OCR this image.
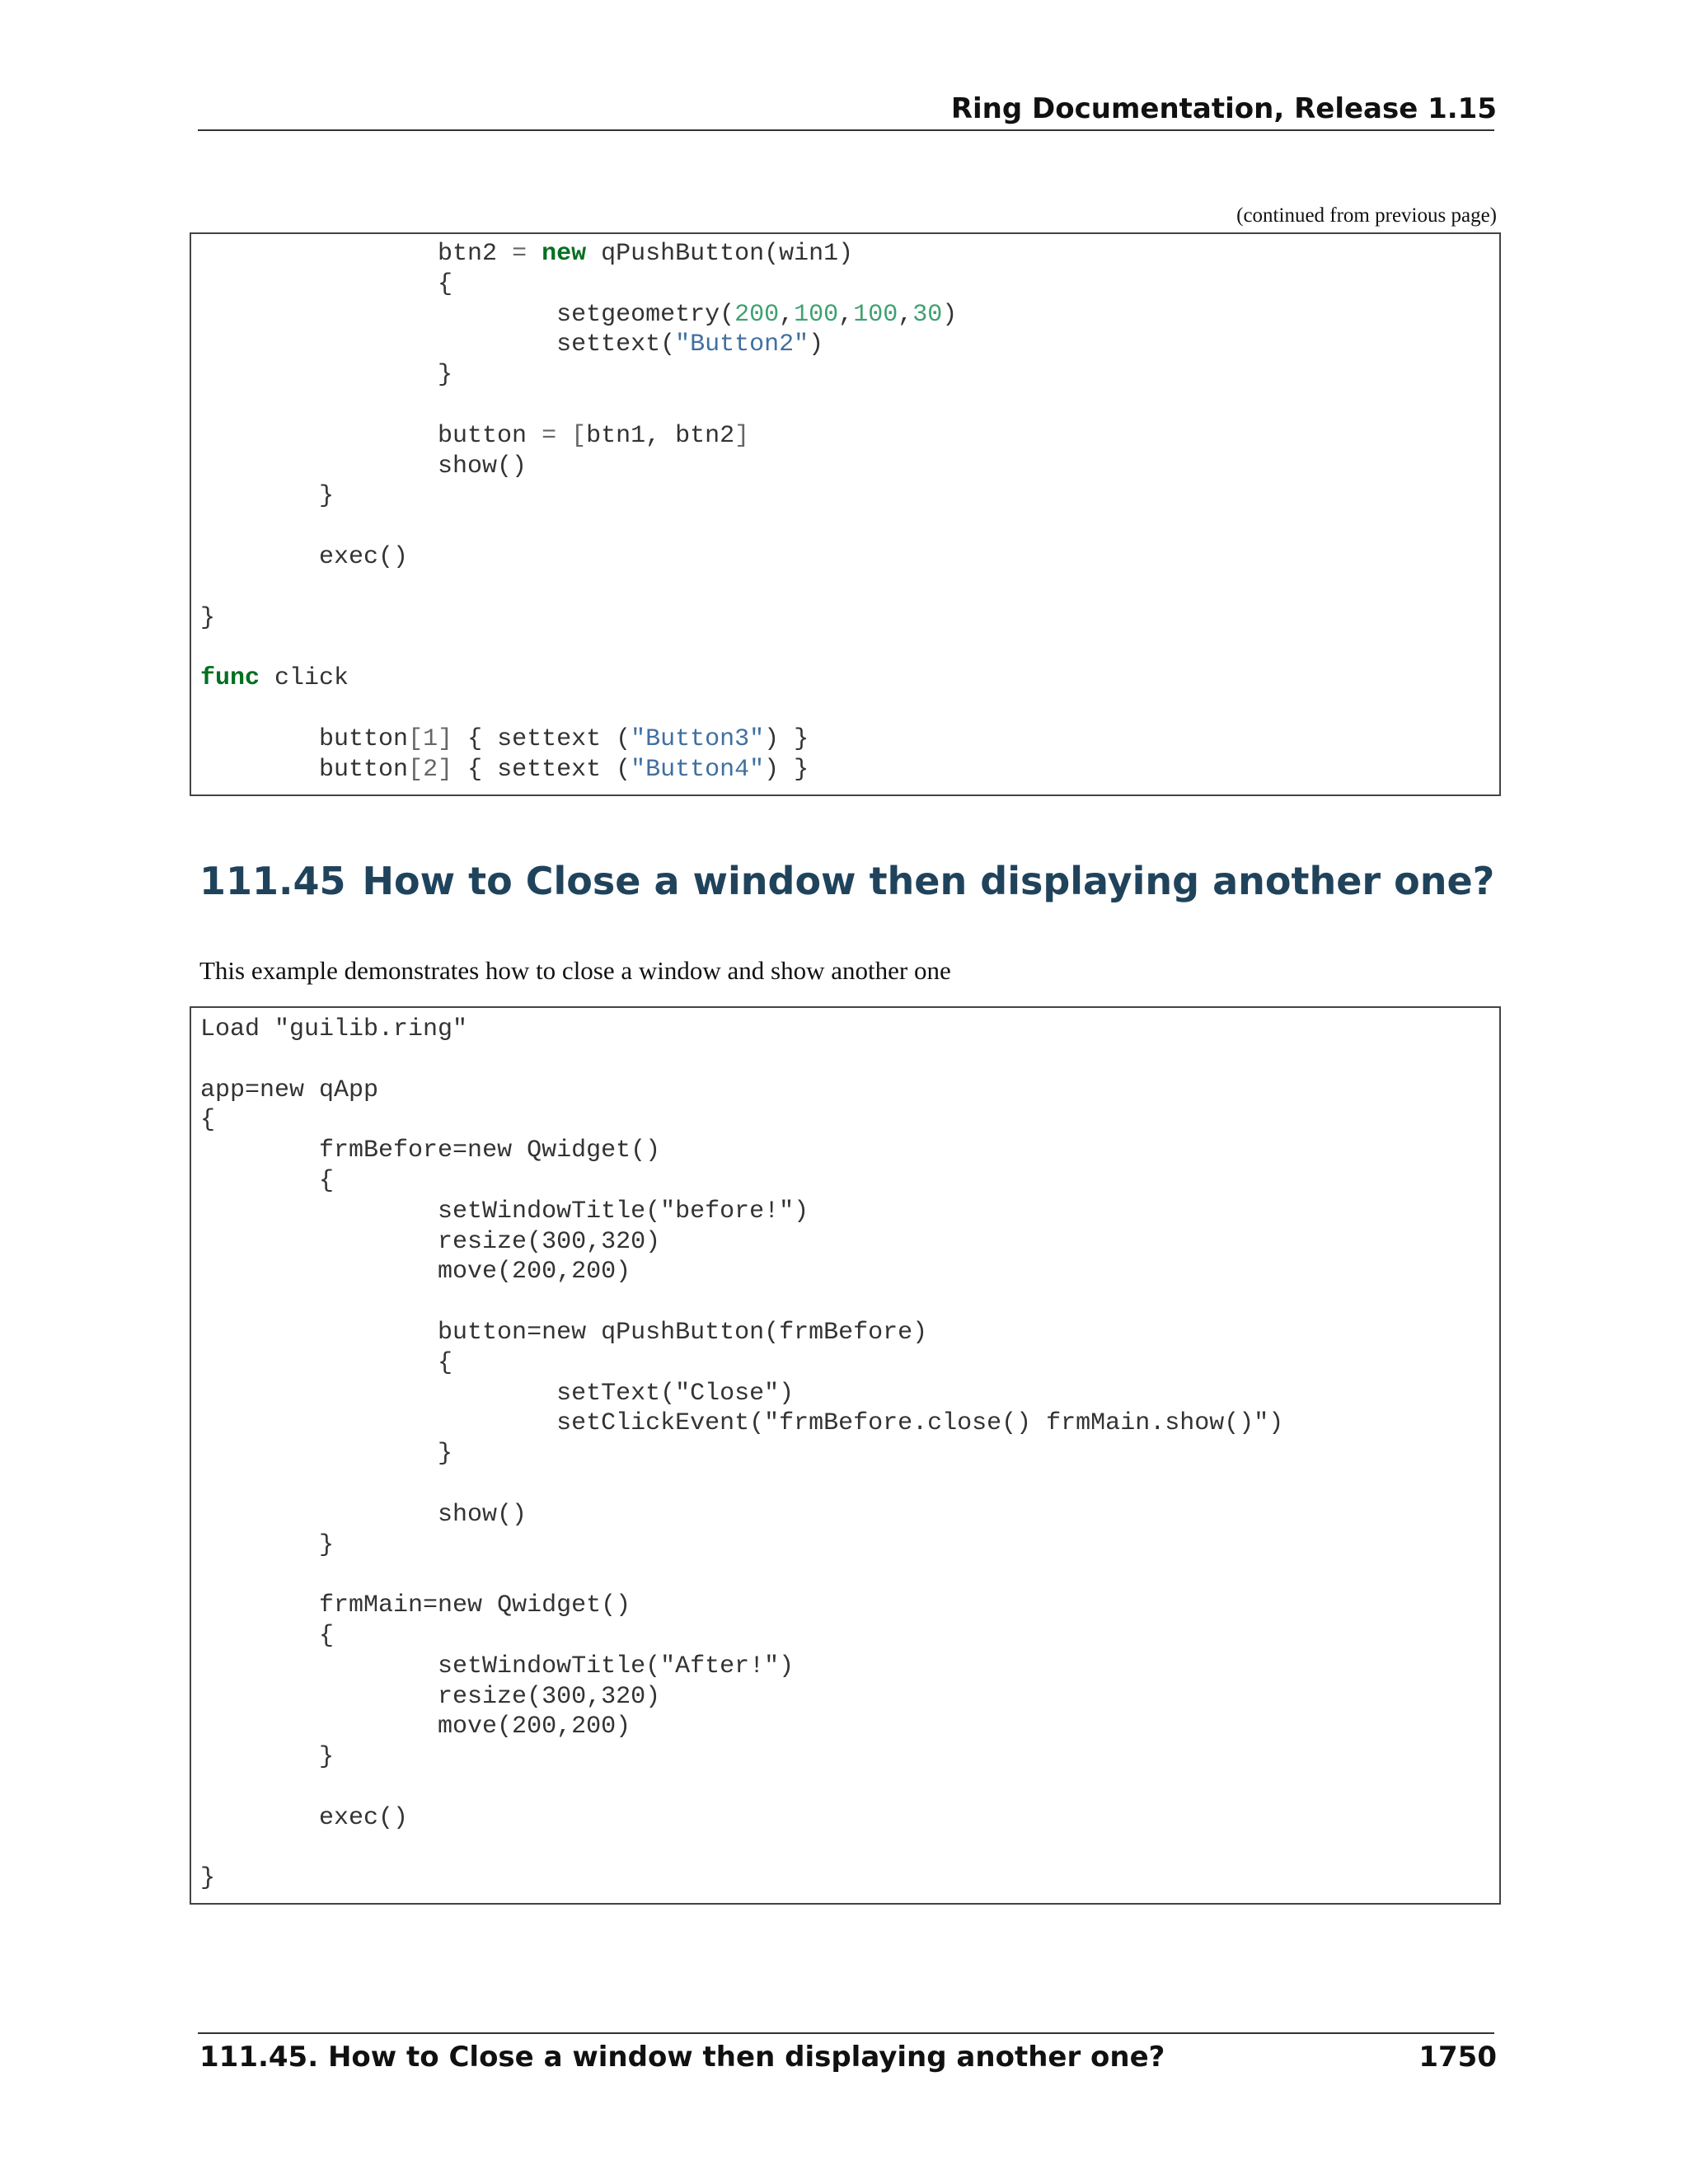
Ring Documentation, Release 1.15
(continued from previous page)
		btn2 = new qPushButton(win1)
		{
			setgeometry(200,100,100,30)
			settext("Button2")
		}

		button = [btn1, btn2]
		show()
	}

	exec()

}

func click

	button[1] { settext ("Button3") }
	button[2] { settext ("Button4") }
111.45 How to Close a window then displaying another one?

This example demonstrates how to close a window and show another one

Load "guilib.ring"

app=new qApp
{
	frmBefore=new Qwidget()
	{
		setWindowTitle("before!")
		resize(300,320)
		move(200,200)

		button=new qPushButton(frmBefore)
		{
			setText("Close")
			setClickEvent("frmBefore.close() frmMain.show()")
		}

		show()
	}

	frmMain=new Qwidget()
	{
		setWindowTitle("After!")
		resize(300,320)
		move(200,200)
	}

	exec()

}
111.45. How to Close a window then displaying another one?	1750
